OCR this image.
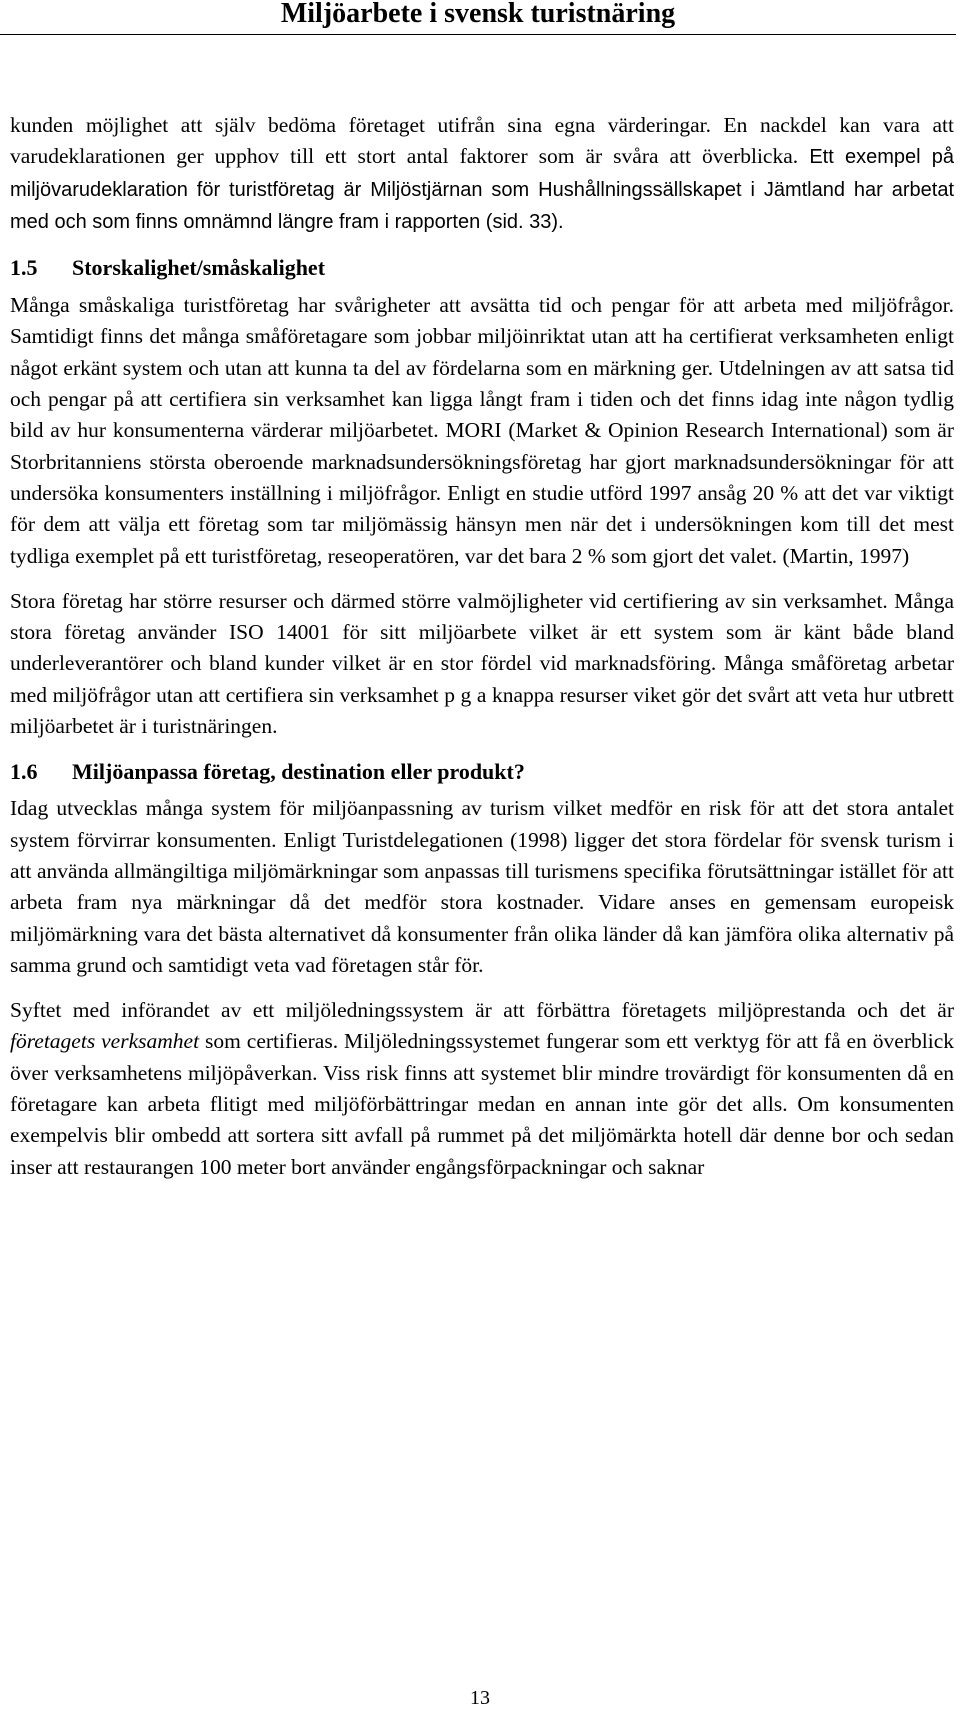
Miljöarbete i svensk turistnäring

kunden möjlighet att själv bedöma företaget utifrån sina egna värderingar. En nackdel kan vara att varudeklarationen ger upphov till ett stort antal faktorer som är svåra att överblicka. Ett exempel på miljövarudeklaration för turistföretag är Miljöstjärnan som Hushållningssällskapet i Jämtland har arbetat med och som finns omnämnd längre fram i rapporten (sid. 33).

1.5 Storskalighet/småskalighet

Många småskaliga turistföretag har svårigheter att avsätta tid och pengar för att arbeta med miljöfrågor. Samtidigt finns det många småföretagare som jobbar miljöinriktat utan att ha certifierat verksamheten enligt något erkänt system och utan att kunna ta del av fördelarna som en märkning ger. Utdelningen av att satsa tid och pengar på att certifiera sin verksamhet kan ligga långt fram i tiden och det finns idag inte någon tydlig bild av hur konsumenterna värderar miljöarbetet. MORI (Market & Opinion Research International) som är Storbritanniens största oberoende marknadsundersökningsföretag har gjort marknadsundersökningar för att undersöka konsumenters inställning i miljöfrågor. Enligt en studie utförd 1997 ansåg 20 % att det var viktigt för dem att välja ett företag som tar miljömässig hänsyn men när det i undersökningen kom till det mest tydliga exemplet på ett turistföretag, reseoperatören, var det bara 2 % som gjort det valet. (Martin, 1997)

Stora företag har större resurser och därmed större valmöjligheter vid certifiering av sin verksamhet. Många stora företag använder ISO 14001 för sitt miljöarbete vilket är ett system som är känt både bland underleverantörer och bland kunder vilket är en stor fördel vid marknadsföring. Många småföretag arbetar med miljöfrågor utan att certifiera sin verksamhet p g a knappa resurser viket gör det svårt att veta hur utbrett miljöarbetet är i turistnäringen.

1.6 Miljöanpassa företag, destination eller produkt?

Idag utvecklas många system för miljöanpassning av turism vilket medför en risk för att det stora antalet system förvirrar konsumenten. Enligt Turistdelegationen (1998) ligger det stora fördelar för svensk turism i att använda allmängiltiga miljömärkningar som anpassas till turismens specifika förutsättningar istället för att arbeta fram nya märkningar då det medför stora kostnader. Vidare anses en gemensam europeisk miljömärkning vara det bästa alternativet då konsumenter från olika länder då kan jämföra olika alternativ på samma grund och samtidigt veta vad företagen står för.

Syftet med införandet av ett miljöledningssystem är att förbättra företagets miljöprestanda och det är företagets verksamhet som certifieras. Miljöledningssystemet fungerar som ett verktyg för att få en överblick över verksamhetens miljöpåverkan. Viss risk finns att systemet blir mindre trovärdigt för konsumenten då en företagare kan arbeta flitigt med miljöförbättringar medan en annan inte gör det alls. Om konsumenten exempelvis blir ombedd att sortera sitt avfall på rummet på det miljömärkta hotell där denne bor och sedan inser att restaurangen 100 meter bort använder engångsförpackningar och saknar

13
